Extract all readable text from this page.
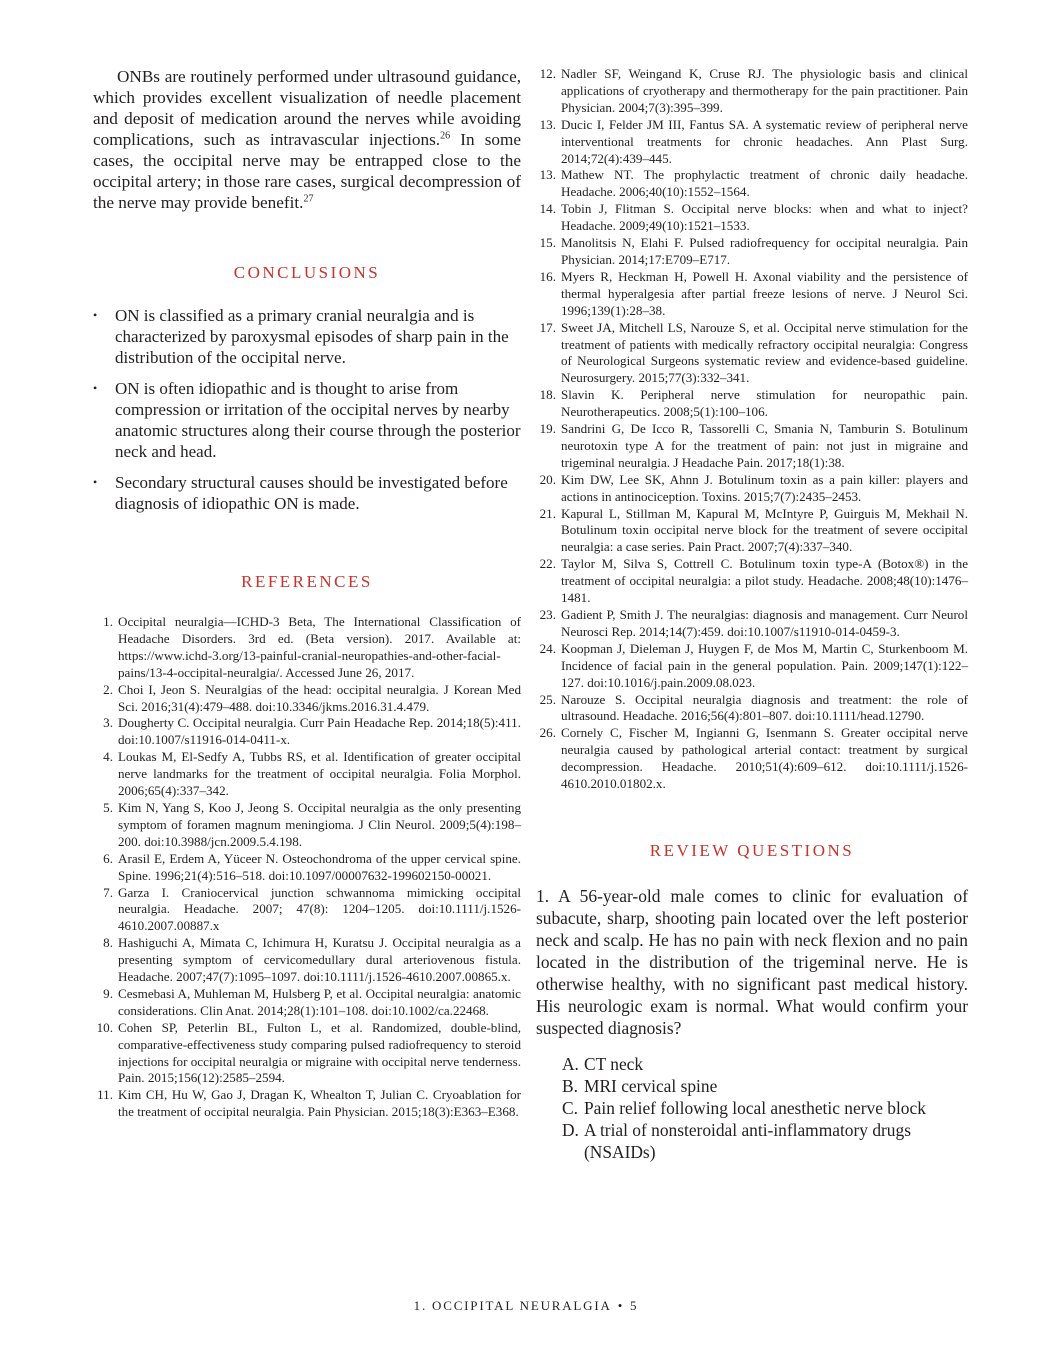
ONBs are routinely performed under ultrasound guidance, which provides excellent visualization of needle placement and deposit of medication around the nerves while avoiding complications, such as intravascular injections.$^{26}$ In some cases, the occipital nerve may be entrapped close to the occipital artery; in those rare cases, surgical decompression of the nerve may provide benefit.$^{27}$

CONCLUSIONS
• ON is classified as a primary cranial neuralgia and is characterized by paroxysmal episodes of sharp pain in the distribution of the occipital nerve.
• ON is often idiopathic and is thought to arise from compression or irritation of the occipital nerves by nearby anatomic structures along their course through the posterior neck and head.
• Secondary structural causes should be investigated before diagnosis of idiopathic ON is made.
REFERENCES
1. Occipital neuralgia—ICHD-3 Beta, The International Classification of Headache Disorders. 3rd ed. (Beta version). 2017. Available at: https://www.ichd-3.org/13-painful-cranial-neuropathies-and-other-facial-pains/13-4-occipital-neuralgia/. Accessed June 26, 2017.
2. Choi I, Jeon S. Neuralgias of the head: occipital neuralgia. J Korean Med Sci. 2016;31(4):479–488. doi:10.3346/jkms.2016.31.4.479.
3. Dougherty C. Occipital neuralgia. Curr Pain Headache Rep. 2014;18(5):411. doi:10.1007/s11916-014-0411-x.
4. Loukas M, El-Sedfy A, Tubbs RS, et al. Identification of greater occipital nerve landmarks for the treatment of occipital neuralgia. Folia Morphol. 2006;65(4):337–342.
5. Kim N, Yang S, Koo J, Jeong S. Occipital neuralgia as the only presenting symptom of foramen magnum meningioma. J Clin Neurol. 2009;5(4):198–200. doi:10.3988/jcn.2009.5.4.198.
6. Arasil E, Erdem A, Yüceer N. Osteochondroma of the upper cervical spine. Spine. 1996;21(4):516–518. doi:10.1097/00007632-199602150-00021.
7. Garza I. Craniocervical junction schwannoma mimicking occipital neuralgia. Headache. 2007; 47(8): 1204–1205. doi:10.1111/j.1526-4610.2007.00887.x
8. Hashiguchi A, Mimata C, Ichimura H, Kuratsu J. Occipital neuralgia as a presenting symptom of cervicomedullary dural arteriovenous fistula. Headache. 2007;47(7):1095–1097. doi:10.1111/j.1526-4610.2007.00865.x.
9. Cesmebasi A, Muhleman M, Hulsberg P, et al. Occipital neuralgia: anatomic considerations. Clin Anat. 2014;28(1):101–108. doi:10.1002/ca.22468.
10. Cohen SP, Peterlin BL, Fulton L, et al. Randomized, double-blind, comparative-effectiveness study comparing pulsed radiofrequency to steroid injections for occipital neuralgia or migraine with occipital nerve tenderness. Pain. 2015;156(12):2585–2594.
11. Kim CH, Hu W, Gao J, Dragan K, Whealton T, Julian C. Cryoablation for the treatment of occipital neuralgia. Pain Physician. 2015;18(3):E363–E368.
12. Nadler SF, Weingand K, Cruse RJ. The physiologic basis and clinical applications of cryotherapy and thermotherapy for the pain practitioner. Pain Physician. 2004;7(3):395–399.
13. Ducic I, Felder JM III, Fantus SA. A systematic review of peripheral nerve interventional treatments for chronic headaches. Ann Plast Surg. 2014;72(4):439–445.
13. Mathew NT. The prophylactic treatment of chronic daily headache. Headache. 2006;40(10):1552–1564.
14. Tobin J, Flitman S. Occipital nerve blocks: when and what to inject? Headache. 2009;49(10):1521–1533.
15. Manolitsis N, Elahi F. Pulsed radiofrequency for occipital neuralgia. Pain Physician. 2014;17:E709–E717.
16. Myers R, Heckman H, Powell H. Axonal viability and the persistence of thermal hyperalgesia after partial freeze lesions of nerve. J Neurol Sci. 1996;139(1):28–38.
17. Sweet JA, Mitchell LS, Narouze S, et al. Occipital nerve stimulation for the treatment of patients with medically refractory occipital neuralgia: Congress of Neurological Surgeons systematic review and evidence-based guideline. Neurosurgery. 2015;77(3):332–341.
18. Slavin K. Peripheral nerve stimulation for neuropathic pain. Neurotherapeutics. 2008;5(1):100–106.
19. Sandrini G, De Icco R, Tassorelli C, Smania N, Tamburin S. Botulinum neurotoxin type A for the treatment of pain: not just in migraine and trigeminal neuralgia. J Headache Pain. 2017;18(1):38.
20. Kim DW, Lee SK, Ahnn J. Botulinum toxin as a pain killer: players and actions in antinociception. Toxins. 2015;7(7):2435–2453.
21. Kapural L, Stillman M, Kapural M, McIntyre P, Guirguis M, Mekhail N. Botulinum toxin occipital nerve block for the treatment of severe occipital neuralgia: a case series. Pain Pract. 2007;7(4):337–340.
22. Taylor M, Silva S, Cottrell C. Botulinum toxin type-A (Botox®) in the treatment of occipital neuralgia: a pilot study. Headache. 2008;48(10):1476–1481.
23. Gadient P, Smith J. The neuralgias: diagnosis and management. Curr Neurol Neurosci Rep. 2014;14(7):459. doi:10.1007/s11910-014-0459-3.
24. Koopman J, Dieleman J, Huygen F, de Mos M, Martin C, Sturkenboom M. Incidence of facial pain in the general population. Pain. 2009;147(1):122–127. doi:10.1016/j.pain.2009.08.023.
25. Narouze S. Occipital neuralgia diagnosis and treatment: the role of ultrasound. Headache. 2016;56(4):801–807. doi:10.1111/head.12790.
26. Cornely C, Fischer M, Ingianni G, Isenmann S. Greater occipital nerve neuralgia caused by pathological arterial contact: treatment by surgical decompression. Headache. 2010;51(4):609–612. doi:10.1111/j.1526-4610.2010.01802.x.
REVIEW QUESTIONS

1. A 56-year-old male comes to clinic for evaluation of subacute, sharp, shooting pain located over the left posterior neck and scalp. He has no pain with neck flexion and no pain located in the distribution of the trigeminal nerve. He is otherwise healthy, with no significant past medical history. His neurologic exam is normal. What would confirm your suspected diagnosis?

A. CT neck
B. MRI cervical spine
C. Pain relief following local anesthetic nerve block
D. A trial of nonsteroidal anti-inflammatory drugs (NSAIDs)
1. OCCIPITAL NEURALGIA • 5
